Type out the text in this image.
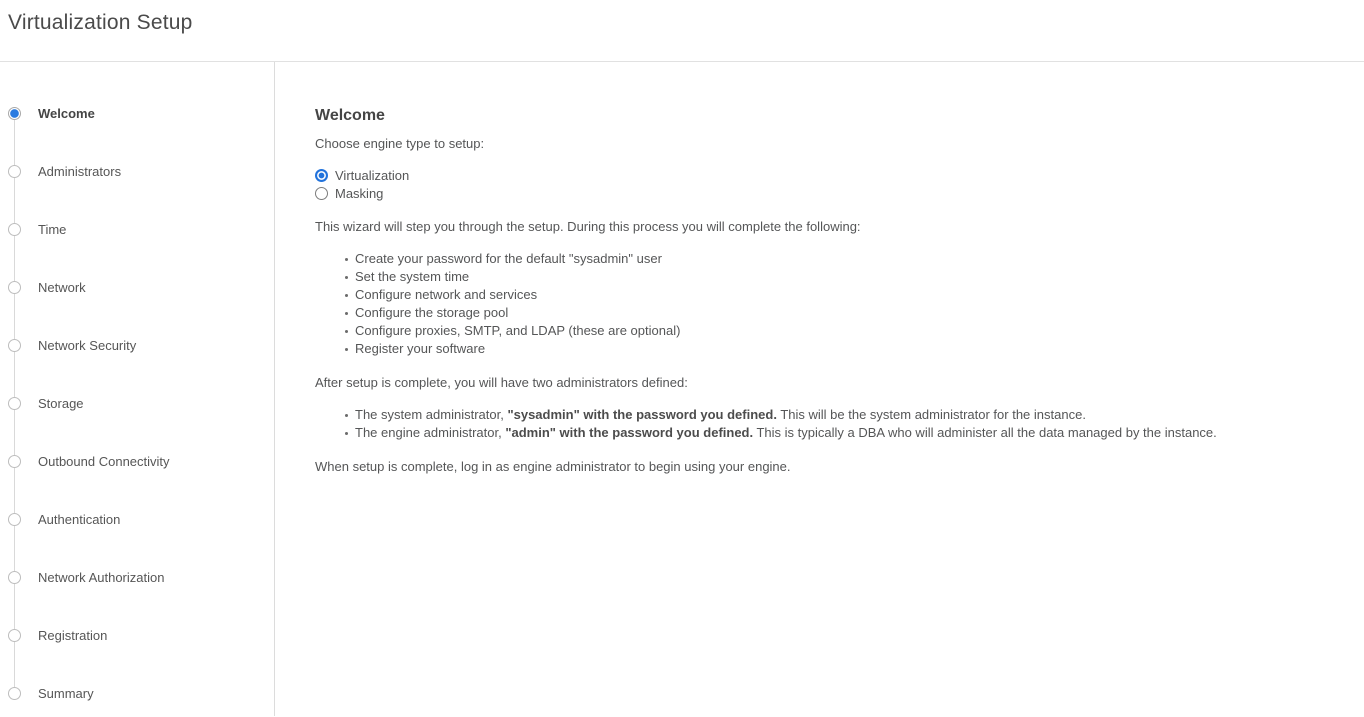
Virtualization Setup
Welcome
Administrators
Time
Network
Network Security
Storage
Outbound Connectivity
Authentication
Network Authorization
Registration
Summary
Welcome

Choose engine type to setup:

Virtualization
Masking

This wizard will step you through the setup. During this process you will complete the following:

Create your password for the default "sysadmin" user
Set the system time
Configure network and services
Configure the storage pool
Configure proxies, SMTP, and LDAP (these are optional)
Register your software

After setup is complete, you will have two administrators defined:

The system administrator, "sysadmin" with the password you defined. This will be the system administrator for the instance.
The engine administrator, "admin" with the password you defined. This is typically a DBA who will administer all the data managed by the instance.

When setup is complete, log in as engine administrator to begin using your engine.
